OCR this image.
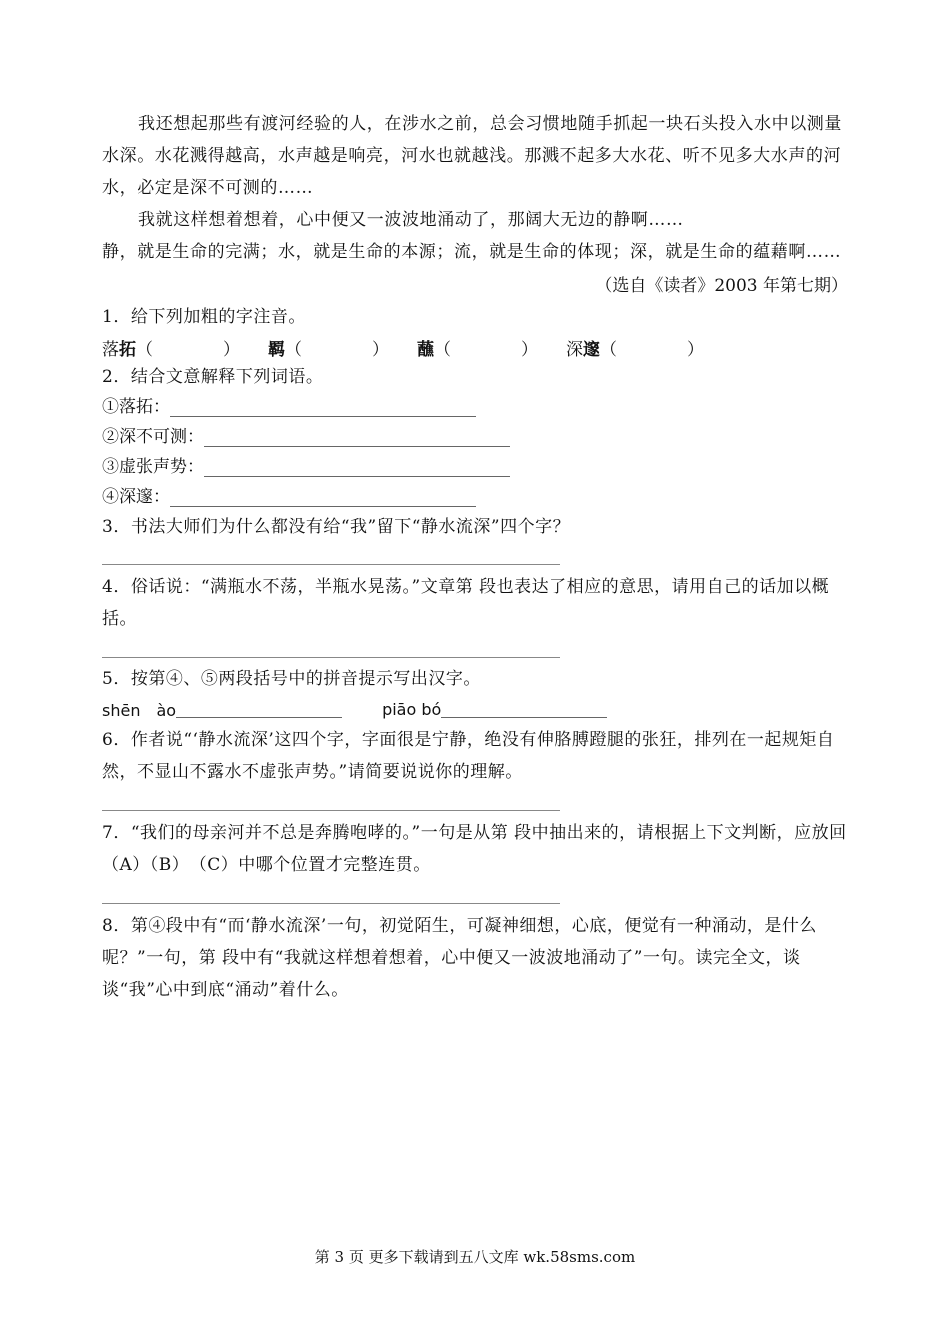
我还想起那些有渡河经验的人，在涉水之前，总会习惯地随手抓起一块石头投入水中以测量水深。水花溅得越高，水声越是响亮，河水也就越浅。那溅不起多大水花、听不见多大水声的河水，必定是深不可测的……

我就这样想着想着，心中便又一波波地涌动了，那阔大无边的静啊……

静，就是生命的完满；水，就是生命的本源；流，就是生命的体现；深，就是生命的蕴藉啊……

（选自《读者》2003 年第七期）

1．给下列加粗的字注音。

落拓（	） 羁（	） 蘸（	） 深邃（	）

2．结合文意解释下列词语。

①落拓：
②深不可测：
③虚张声势：
④深邃：

3．书法大师们为什么都没有给“我”留下“静水流深”四个字？

4．俗话说：“满瓶水不荡，半瓶水晃荡。”文章第 段也表达了相应的意思，请用自己的话加以概括。

5．按第④、⑤两段括号中的拼音提示写出汉字。

shēn　ào	piāo bó

6．作者说“‘静水流深’这四个字，字面很是宁静，绝没有伸胳膊蹬腿的张狂，排列在一起规矩自然，不显山不露水不虚张声势。”请简要说说你的理解。

7．“我们的母亲河并不总是奔腾咆哮的。”一句是从第 段中抽出来的，请根据上下文判断，应放回（A）（B）　（C）中哪个位置才完整连贯。

8．第④段中有“而‘静水流深’一句，初觉陌生，可凝神细想，心底，便觉有一种涌动，是什么呢？”一句，第 段中有“我就这样想着想着，心中便又一波波地涌动了”一句。读完全文，谈谈“我”心中到底“涌动”着什么。

第 3 页 更多下载请到五八文库 wk.58sms.com
